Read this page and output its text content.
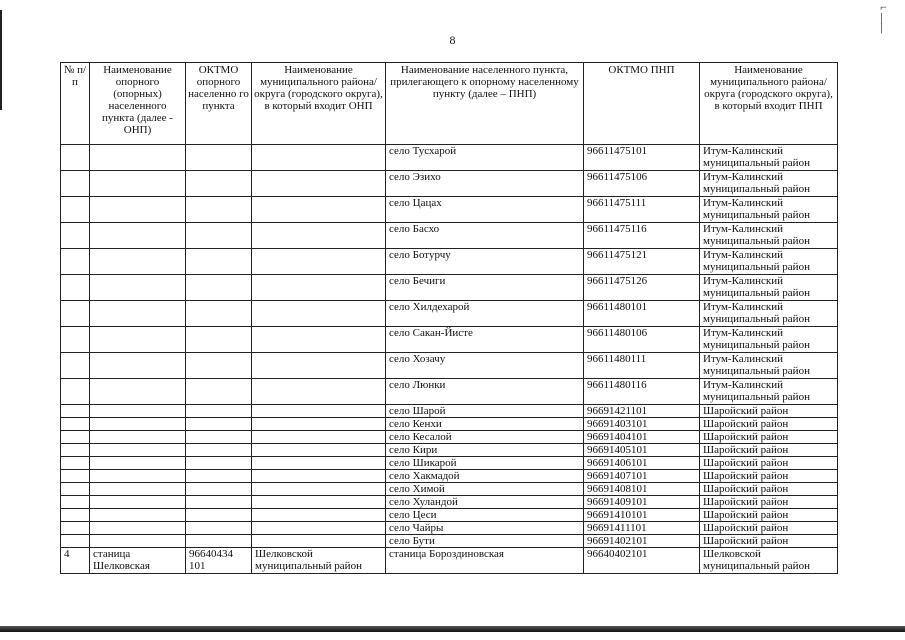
⌐
|
|
8
№ п/п	Наименование опорного (опорных) населенного пункта (далее - ОНП)	ОКТМО опорного населенно го пункта	Наименование муниципального района/округа (городского округа), в который входит ОНП	Наименование населенного пункта, прилегающего к опорному населенному пункту (далее – ПНП)	ОКТМО ПНП	Наименование муниципального района/округа (городского округа), в который входит ПНП
				село Тусхарой	96611475101	Итум-Калинский муниципальный район
				село Эзихо	96611475106	Итум-Калинский муниципальный район
				село Цацах	96611475111	Итум-Калинский муниципальный район
				село Басхо	96611475116	Итум-Калинский муниципальный район
				село Ботурчу	96611475121	Итум-Калинский муниципальный район
				село Бечиги	96611475126	Итум-Калинский муниципальный район
				село Хилдехарой	96611480101	Итум-Калинский муниципальный район
				село Сакан-Йисте	96611480106	Итум-Калинский муниципальный район
				село Хозачу	96611480111	Итум-Калинский муниципальный район
				село Люнки	96611480116	Итум-Калинский муниципальный район
				село Шарой	96691421101	Шаройский район
				село Кенхи	96691403101	Шаройский район
				село Кесалой	96691404101	Шаройский район
				село Кири	96691405101	Шаройский район
				село Шикарой	96691406101	Шаройский район
				село Хакмадой	96691407101	Шаройский район
				село Химой	96691408101	Шаройский район
				село Хуландой	96691409101	Шаройский район
				село Цеси	96691410101	Шаройский район
				село Чайры	96691411101	Шаройский район
				село Бути	96691402101	Шаройский район
4	станица Шелковская	96640434 101	Шелковской муниципальный район	станица Бороздиновская	96640402101	Шелковской муниципальный район
